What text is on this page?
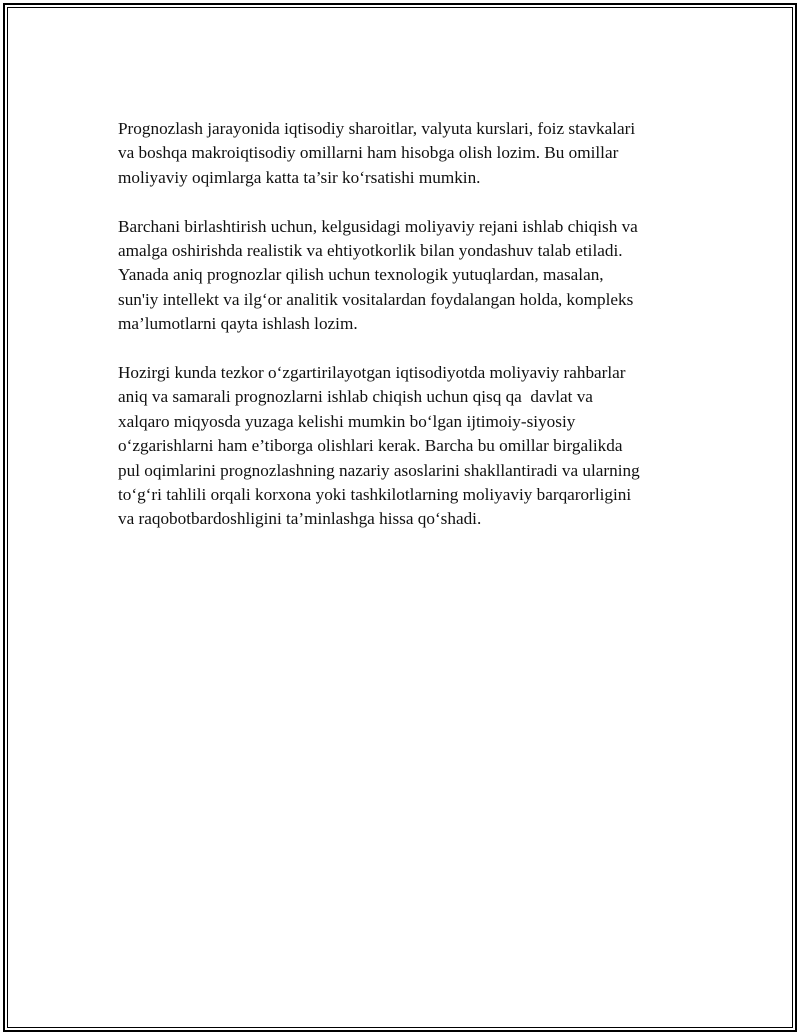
Prognozlash jarayonida iqtisodiy sharoitlar, valyuta kurslari, foiz stavkalari
va boshqa makroiqtisodiy omillarni ham hisobga olish lozim. Bu omillar
moliyaviy oqimlarga katta ta’sir ko‘rsatishi mumkin.
Barchani birlashtirish uchun, kelgusidagi moliyaviy rejani ishlab chiqish va
amalga oshirishda realistik va ehtiyotkorlik bilan yondashuv talab etiladi.
Yanada aniq prognozlar qilish uchun texnologik yutuqlardan, masalan,
sun'iy intellekt va ilg‘or analitik vositalardan foydalangan holda, kompleks
ma’lumotlarni qayta ishlash lozim.
Hozirgi kunda tezkor o‘zgartirilayotgan iqtisodiyotda moliyaviy rahbarlar
aniq va samarali prognozlarni ishlab chiqish uchun qisq qa  davlat va
xalqaro miqyosda yuzaga kelishi mumkin bo‘lgan ijtimoiy-siyosiy
o‘zgarishlarni ham e’tiborga olishlari kerak. Barcha bu omillar birgalikda
pul oqimlarini prognozlashning nazariy asoslarini shakllantiradi va ularning
to‘g‘ri tahlili orqali korxona yoki tashkilotlarning moliyaviy barqarorligini
va raqobotbardoshligini ta’minlashga hissa qo‘shadi.
